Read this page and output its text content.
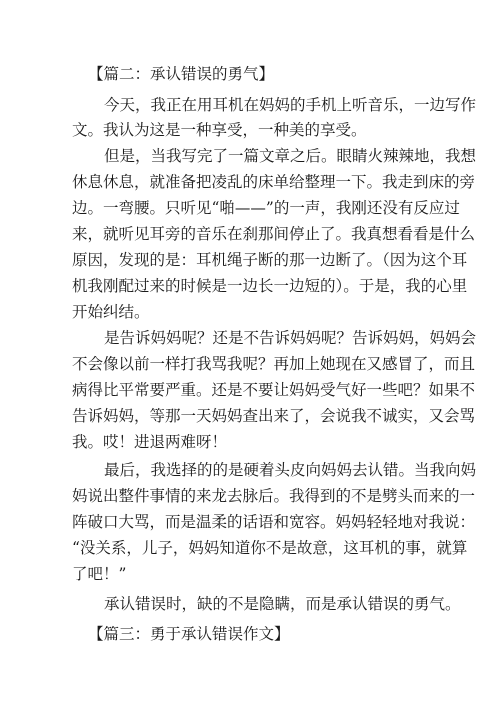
【篇二：承认错误的勇气】
今天，我正在用耳机在妈妈的手机上听音乐，一边写作
文。我认为这是一种享受，一种美的享受。
但是，当我写完了一篇文章之后。眼睛火辣辣地，我想
休息休息，就准备把凌乱的床单给整理一下。我走到床的旁
边。一弯腰。只听见“啪——”的一声，我刚还没有反应过
来，就听见耳旁的音乐在刹那间停止了。我真想看看是什么
原因，发现的是：耳机绳子断的那一边断了。（因为这个耳
机我刚配过来的时候是一边长一边短的）。于是，我的心里
开始纠结。
是告诉妈妈呢？还是不告诉妈妈呢？告诉妈妈，妈妈会
不会像以前一样打我骂我呢？再加上她现在又感冒了，而且
病得比平常要严重。还是不要让妈妈受气好一些吧？如果不
告诉妈妈，等那一天妈妈查出来了，会说我不诚实，又会骂
我。哎！进退两难呀！
最后，我选择的的是硬着头皮向妈妈去认错。当我向妈
妈说出整件事情的来龙去脉后。我得到的不是劈头而来的一
阵破口大骂，而是温柔的话语和宽容。妈妈轻轻地对我说：
“没关系，儿子，妈妈知道你不是故意，这耳机的事，就算
了吧！”
承认错误时，缺的不是隐瞒，而是承认错误的勇气。
【篇三：勇于承认错误作文】
